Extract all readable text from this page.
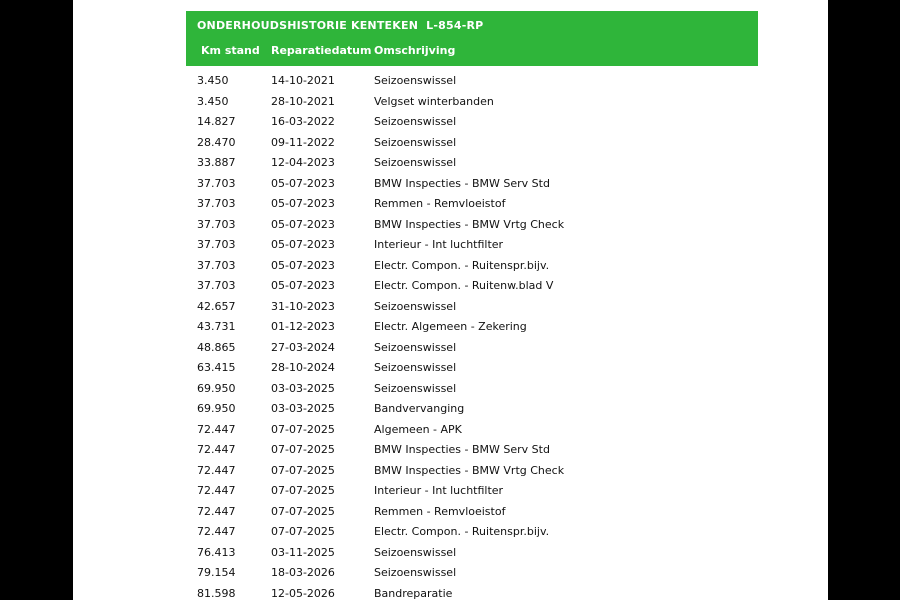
ONDERHOUDSHISTORIE KENTEKEN  L-854-RP
Km stand Reparatiedatum Omschrijving
3.450	14-10-2021	Seizoenswissel
3.450	28-10-2021	Velgset winterbanden
14.827	16-03-2022	Seizoenswissel
28.470	09-11-2022	Seizoenswissel
33.887	12-04-2023	Seizoenswissel
37.703	05-07-2023	BMW Inspecties - BMW Serv Std
37.703	05-07-2023	Remmen - Remvloeistof
37.703	05-07-2023	BMW Inspecties - BMW Vrtg Check
37.703	05-07-2023	Interieur - Int luchtfilter
37.703	05-07-2023	Electr. Compon. - Ruitenspr.bijv.
37.703	05-07-2023	Electr. Compon. - Ruitenw.blad V
42.657	31-10-2023	Seizoenswissel
43.731	01-12-2023	Electr. Algemeen - Zekering
48.865	27-03-2024	Seizoenswissel
63.415	28-10-2024	Seizoenswissel
69.950	03-03-2025	Seizoenswissel
69.950	03-03-2025	Bandvervanging
72.447	07-07-2025	Algemeen - APK
72.447	07-07-2025	BMW Inspecties - BMW Serv Std
72.447	07-07-2025	BMW Inspecties - BMW Vrtg Check
72.447	07-07-2025	Interieur - Int luchtfilter
72.447	07-07-2025	Remmen - Remvloeistof
72.447	07-07-2025	Electr. Compon. - Ruitenspr.bijv.
76.413	03-11-2025	Seizoenswissel
79.154	18-03-2026	Seizoenswissel
81.598	12-05-2026	Bandreparatie
